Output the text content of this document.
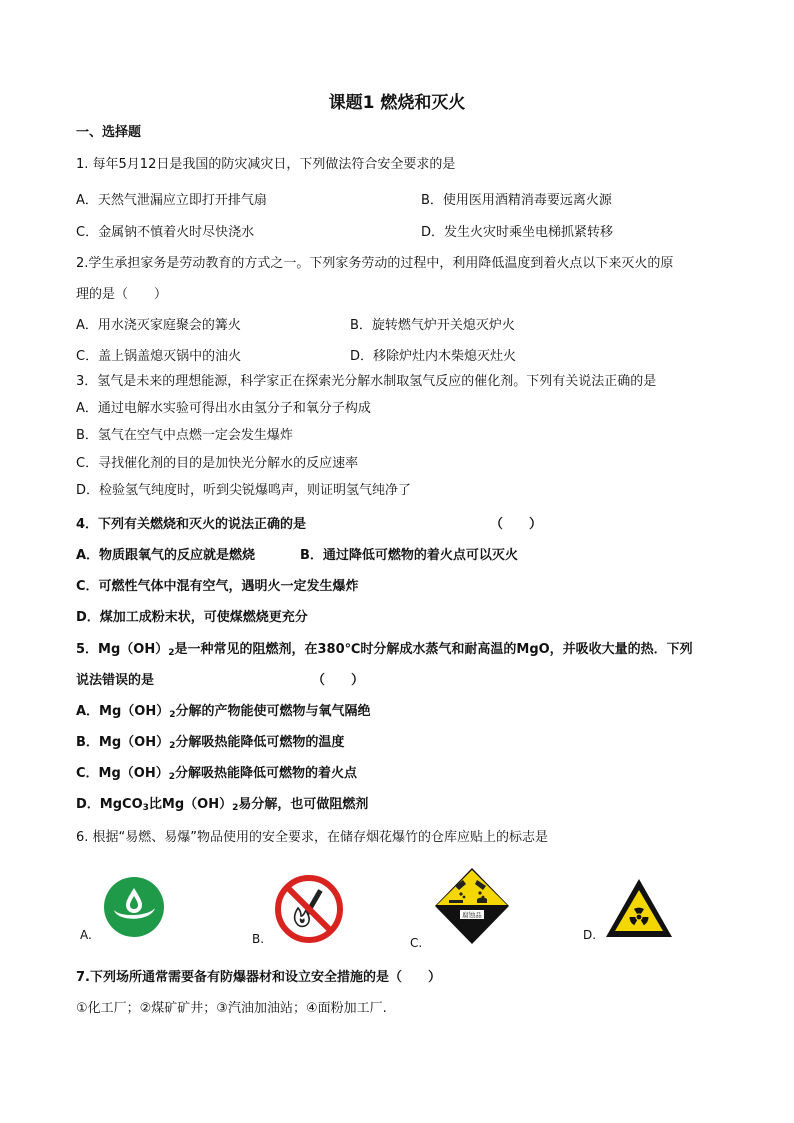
课题1 燃烧和灭火
一、选择题
1. 每年5月12日是我国的防灾减灾日，下列做法符合安全要求的是
A．天然气泄漏应立即打开排气扇	B．使用医用酒精消毒要远离火源
C．金属钠不慎着火时尽快浇水	D．发生火灾时乘坐电梯抓紧转移
2.学生承担家务是劳动教育的方式之一。下列家务劳动的过程中，利用降低温度到着火点以下来灭火的原
理的是（　　）
A．用水浇灭家庭聚会的篝火	B．旋转燃气炉开关熄灭炉火
C．盖上锅盖熄灭锅中的油火	D．移除炉灶内木柴熄灭灶火
3．氢气是未来的理想能源，科学家正在探索光分解水制取氢气反应的催化剂。下列有关说法正确的是
A．通过电解水实验可得出水由氢分子和氧分子构成
B．氢气在空气中点燃一定会发生爆炸
C．寻找催化剂的目的是加快光分解水的反应速率
D．检验氢气纯度时，听到尖锐爆鸣声，则证明氢气纯净了
4．下列有关燃烧和灭火的说法正确的是	（　　）
A．物质跟氧气的反应就是燃烧	B．通过降低可燃物的着火点可以灭火
C．可燃性气体中混有空气，遇明火一定发生爆炸
D．煤加工成粉末状，可使煤燃烧更充分
5．$Mg(OH)_2$是一种常见的阻燃剂，在380℃时分解成水蒸气和耐高温的MgO，并吸收大量的热．下列
说法错误的是	（　　）
A．$Mg(OH)_2$分解的产物能使可燃物与氧气隔绝
B．$Mg(OH)_2$分解吸热能降低可燃物的温度
C．$Mg(OH)_2$分解吸热能降低可燃物的着火点
D．MgCO$_3$比$Mg(OH)_2$易分解，也可做阻燃剂
6. 根据“易燃、易爆”物品使用的安全要求，在储存烟花爆竹的仓库应贴上的标志是
A.	B.	C.
腐蚀品
D.
7.下列场所通常需要备有防爆器材和设立安全措施的是（　　）
①化工厂；②煤矿矿井；③汽油加油站；④面粉加工厂.
